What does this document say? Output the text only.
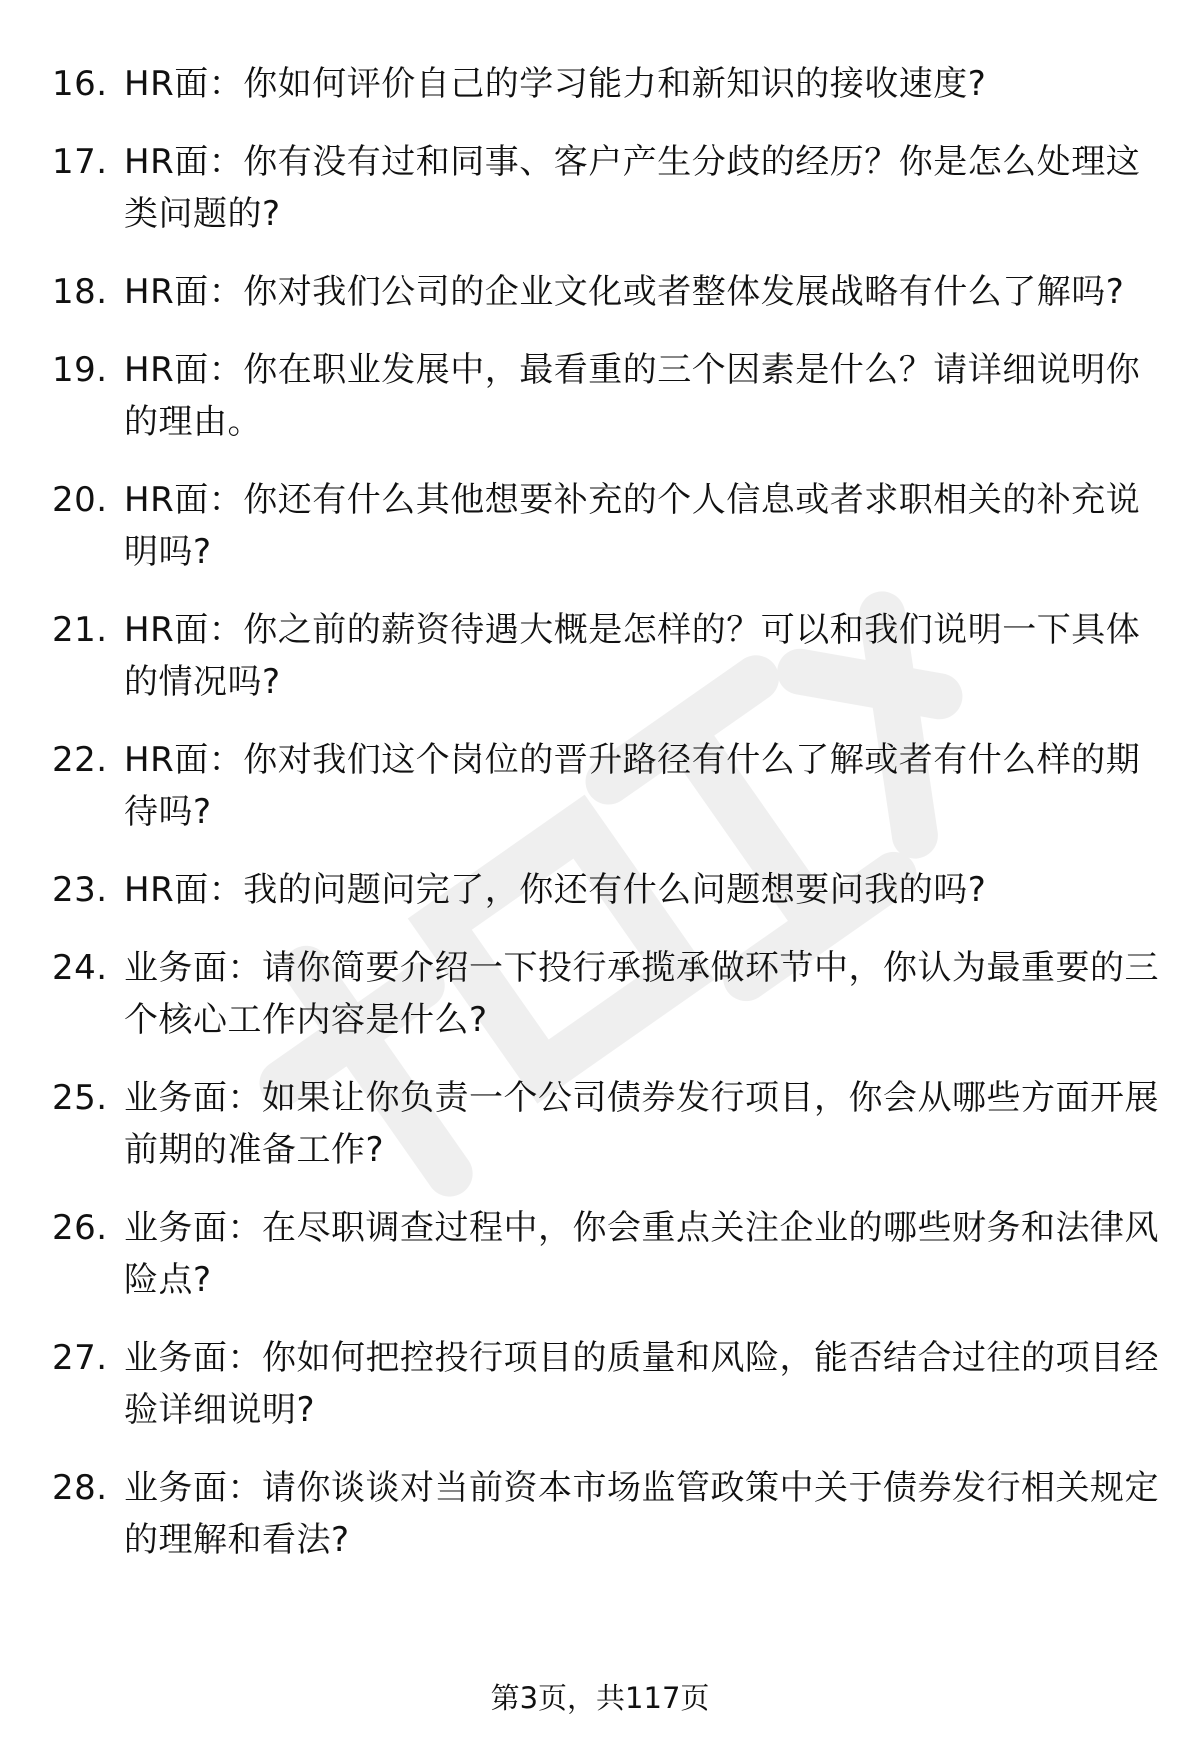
16. HR面：你如何评价自己的学习能力和新知识的接收速度?
17. HR面：你有没有过和同事、客户产生分歧的经历？你是怎么处理这类问题的?
18. HR面：你对我们公司的企业文化或者整体发展战略有什么了解吗?
19. HR面：你在职业发展中，最看重的三个因素是什么？请详细说明你的理由。
20. HR面：你还有什么其他想要补充的个人信息或者求职相关的补充说明吗?
21. HR面：你之前的薪资待遇大概是怎样的？可以和我们说明一下具体的情况吗?
22. HR面：你对我们这个岗位的晋升路径有什么了解或者有什么样的期待吗?
23. HR面：我的问题问完了，你还有什么问题想要问我的吗?
24. 业务面：请你简要介绍一下投行承揽承做环节中，你认为最重要的三个核心工作内容是什么?
25. 业务面：如果让你负责一个公司债券发行项目，你会从哪些方面开展前期的准备工作?
26. 业务面：在尽职调查过程中，你会重点关注企业的哪些财务和法律风险点?
27. 业务面：你如何把控投行项目的质量和风险，能否结合过往的项目经验详细说明?
28. 业务面：请你谈谈对当前资本市场监管政策中关于债券发行相关规定的理解和看法?
第3页，共117页
